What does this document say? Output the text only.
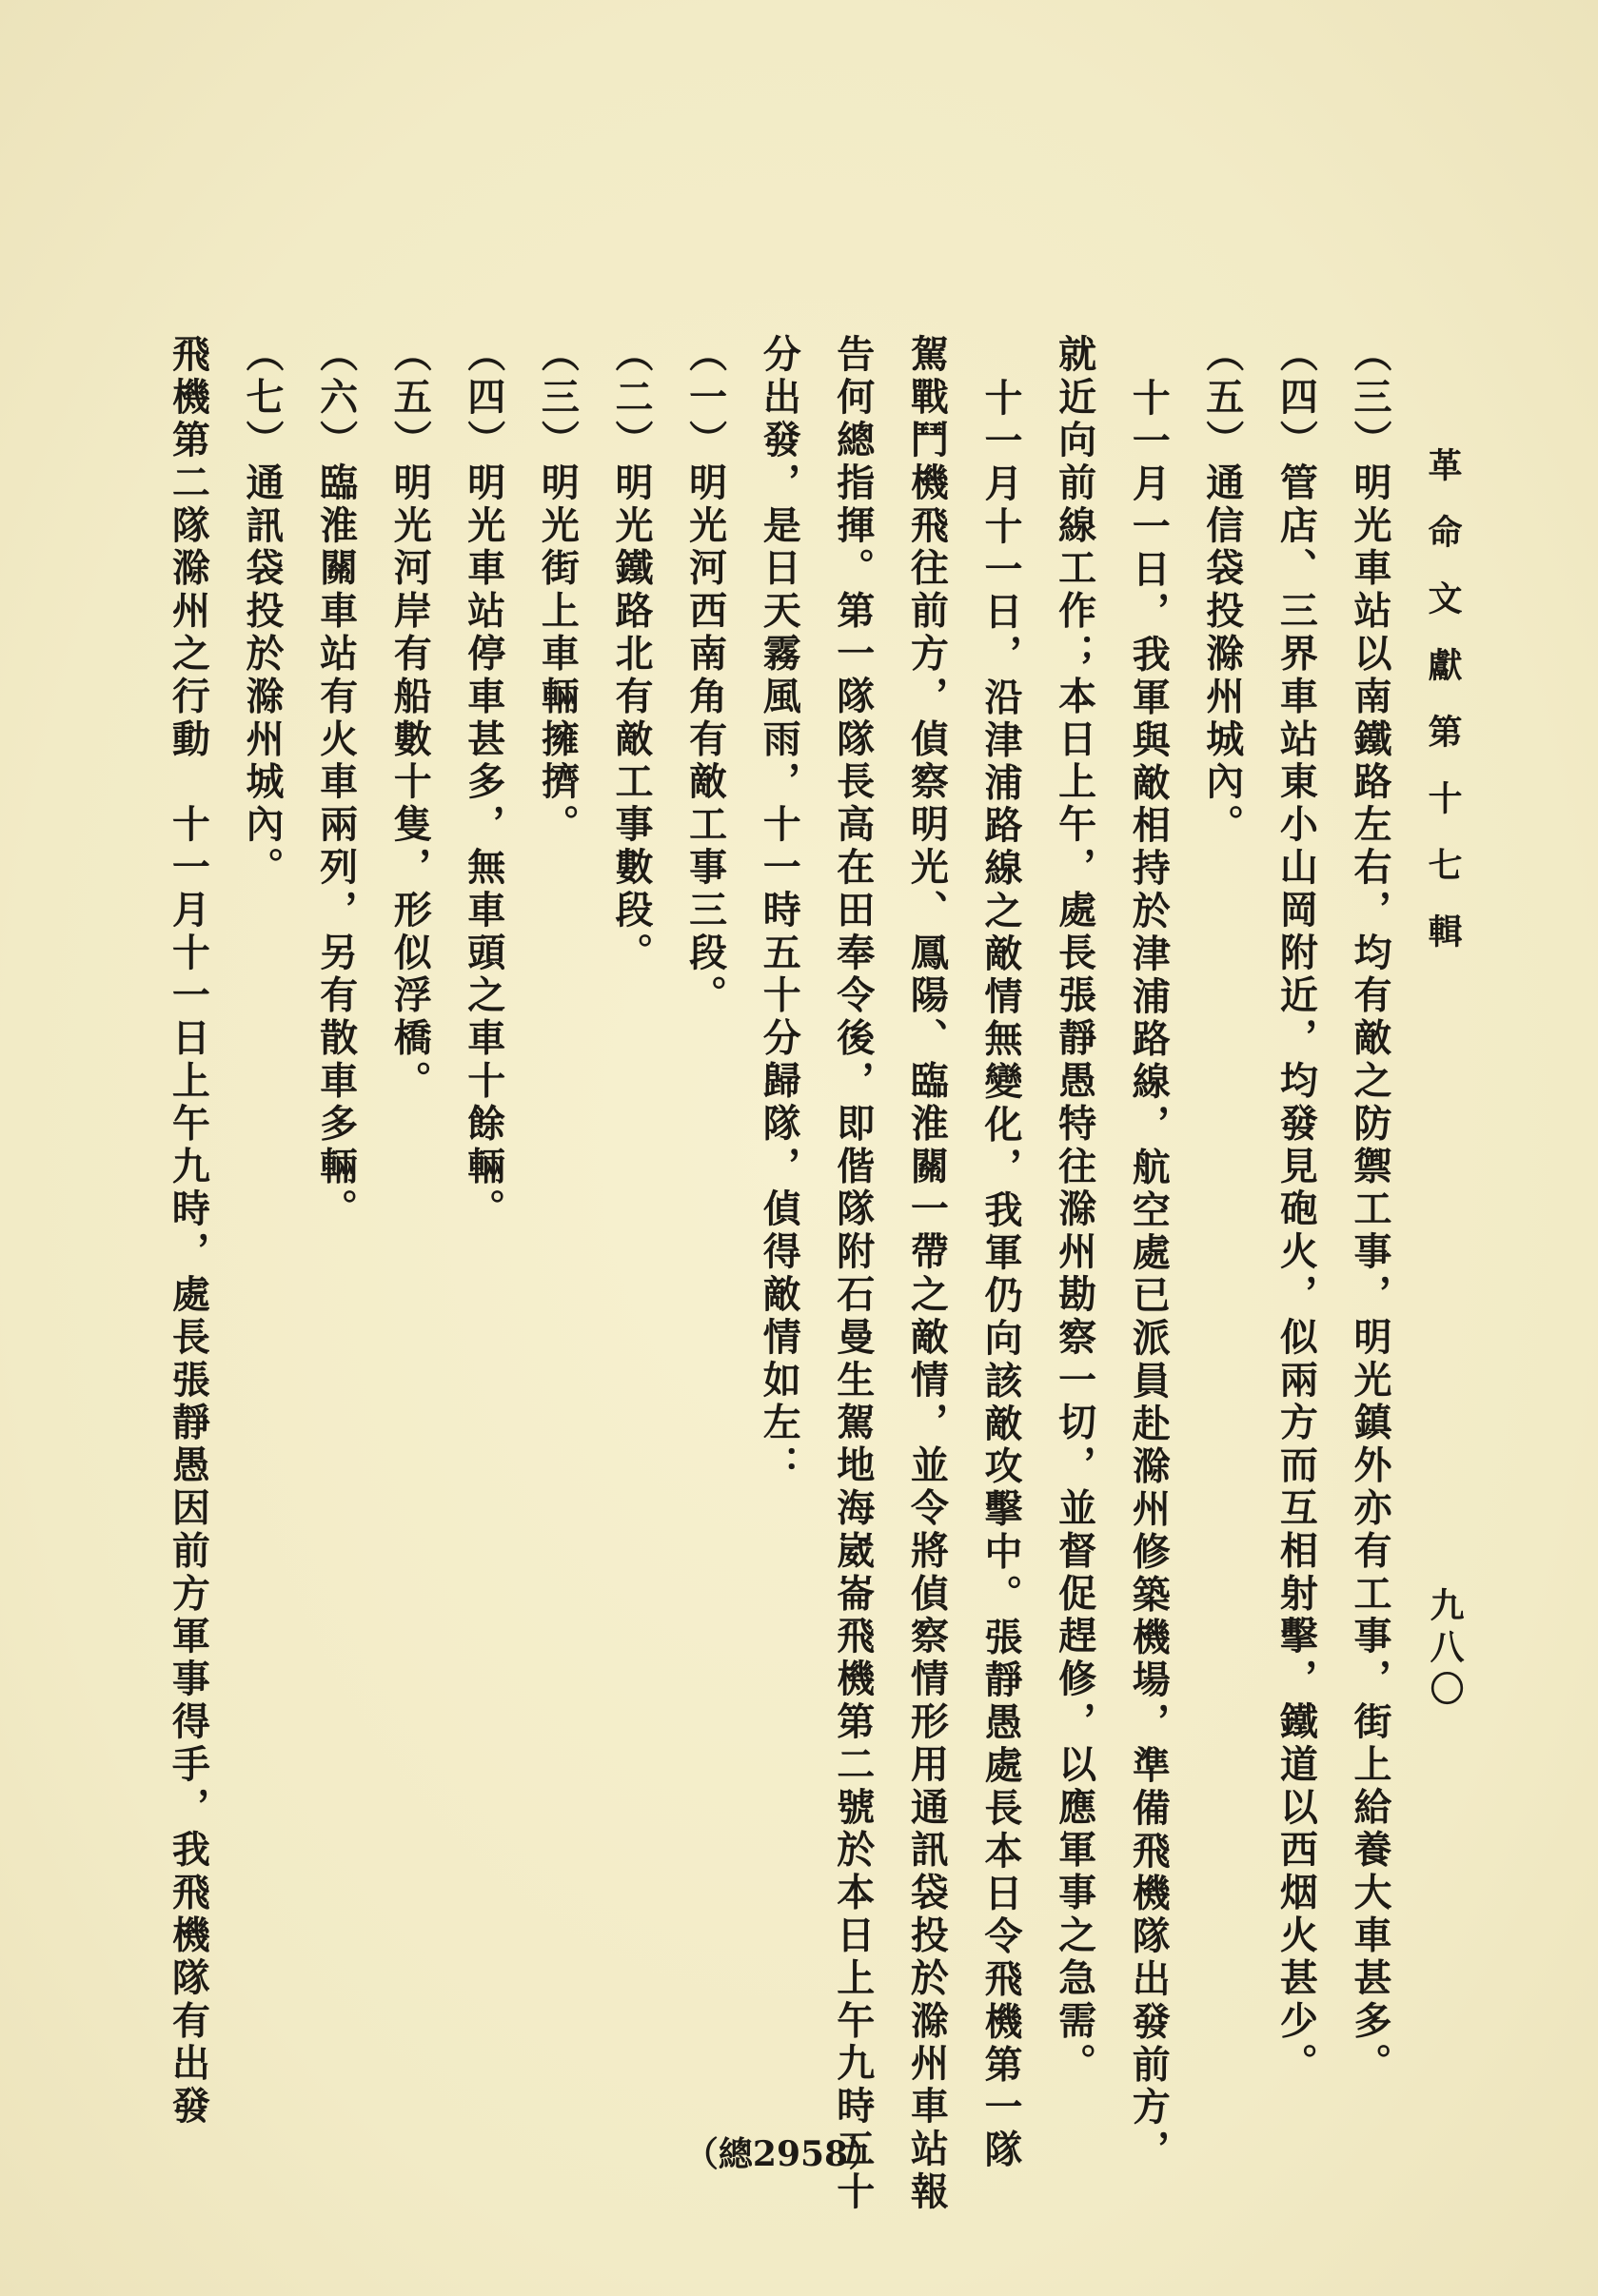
革命文獻第十七輯
九八〇
（三）明光車站以南鐵路左右，均有敵之防禦工事，明光鎮外亦有工事，街上給養大車甚多。
（四）管店、三界車站東小山岡附近，均發見砲火，似兩方而互相射擊，鐵道以西烟火甚少。
（五）通信袋投滁州城內。
十一月一日，我軍與敵相持於津浦路線，航空處已派員赴滁州修築機場，準備飛機隊出發前方，
就近向前線工作；本日上午，處長張靜愚特往滁州勘察一切，並督促趕修，以應軍事之急需。
十一月十一日，沿津浦路線之敵情無變化，我軍仍向該敵攻擊中。張靜愚處長本日令飛機第一隊
駕戰鬥機飛往前方，偵察明光、鳳陽、臨淮關一帶之敵情，並令將偵察情形用通訊袋投於滁州車站報
告何總指揮。第一隊隊長高在田奉令後，即偕隊附石曼生駕地海崴崙飛機第二號於本日上午九時五十
分出發，是日天霧風雨，十一時五十分歸隊，偵得敵情如左：
（一）明光河西南角有敵工事三段。
（二）明光鐵路北有敵工事數段。
（三）明光街上車輛擁擠。
（四）明光車站停車甚多，無車頭之車十餘輛。
（五）明光河岸有船數十隻，形似浮橋。
（六）臨淮關車站有火車兩列，另有散車多輛。
（七）通訊袋投於滁州城內。
飛機第二隊滁州之行動　十一月十一日上午九時，處長張靜愚因前方軍事得手，我飛機隊有出發
（總2958）
